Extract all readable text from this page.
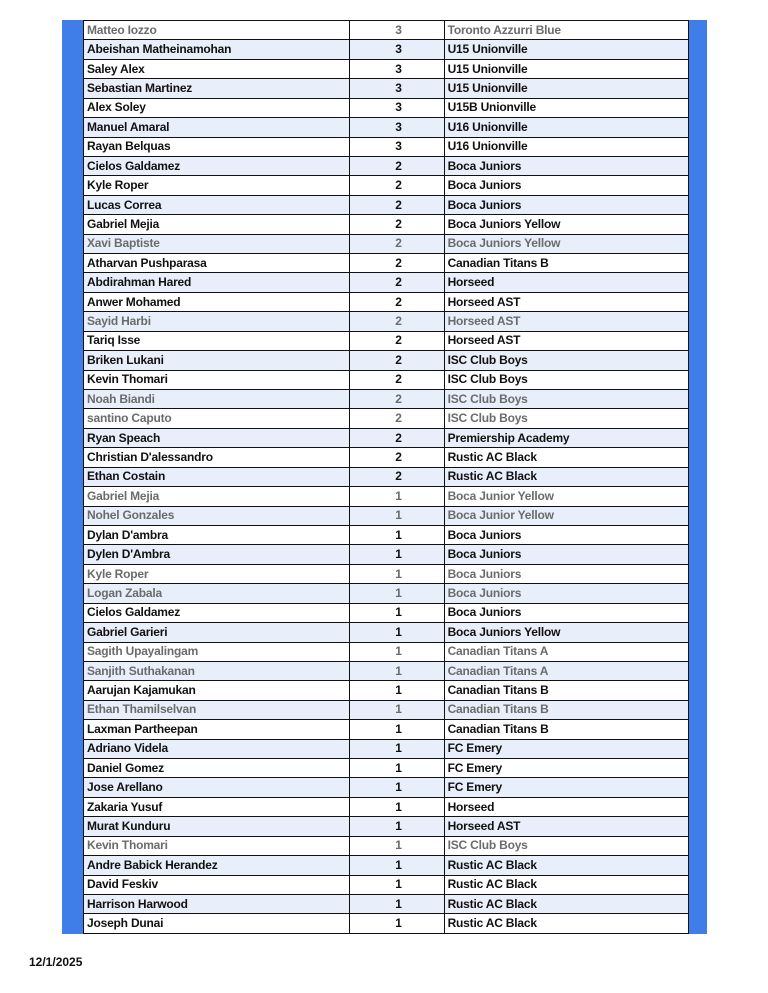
Matteo Iozzo	3	Toronto Azzurri Blue
Abeishan Matheinamohan	3	U15 Unionville
Saley Alex	3	U15 Unionville
Sebastian Martinez	3	U15 Unionville
Alex Soley	3	U15B Unionville
Manuel Amaral	3	U16 Unionville
Rayan Belquas	3	U16 Unionville
Cielos Galdamez	2	Boca Juniors
Kyle Roper	2	Boca Juniors
Lucas Correa	2	Boca Juniors
Gabriel Mejia	2	Boca Juniors Yellow
Xavi Baptiste	2	Boca Juniors Yellow
Atharvan Pushparasa	2	Canadian Titans B
Abdirahman Hared	2	Horseed
Anwer Mohamed	2	Horseed AST
Sayid Harbi	2	Horseed AST
Tariq Isse	2	Horseed AST
Briken Lukani	2	ISC Club Boys
Kevin Thomari	2	ISC Club Boys
Noah Biandi	2	ISC Club Boys
santino Caputo	2	ISC Club Boys
Ryan Speach	2	Premiership Academy
Christian D'alessandro	2	Rustic AC Black
Ethan Costain	2	Rustic AC Black
Gabriel Mejia	1	Boca Junior Yellow
Nohel Gonzales	1	Boca Junior Yellow
Dylan D'ambra	1	Boca Juniors
Dylen D'Ambra	1	Boca Juniors
Kyle Roper	1	Boca Juniors
Logan Zabala	1	Boca Juniors
Cielos Galdamez	1	Boca Juniors
Gabriel Garieri	1	Boca Juniors Yellow
Sagith Upayalingam	1	Canadian Titans A
Sanjith Suthakanan	1	Canadian Titans A
Aarujan Kajamukan	1	Canadian Titans B
Ethan Thamilselvan	1	Canadian Titans B
Laxman Partheepan	1	Canadian Titans B
Adriano Videla	1	FC Emery
Daniel Gomez	1	FC Emery
Jose Arellano	1	FC Emery
Zakaria Yusuf	1	Horseed
Murat Kunduru	1	Horseed AST
Kevin Thomari	1	ISC Club Boys
Andre Babick Herandez	1	Rustic AC Black
David Feskiv	1	Rustic AC Black
Harrison Harwood	1	Rustic AC Black
Joseph Dunai	1	Rustic AC Black
12/1/2025
